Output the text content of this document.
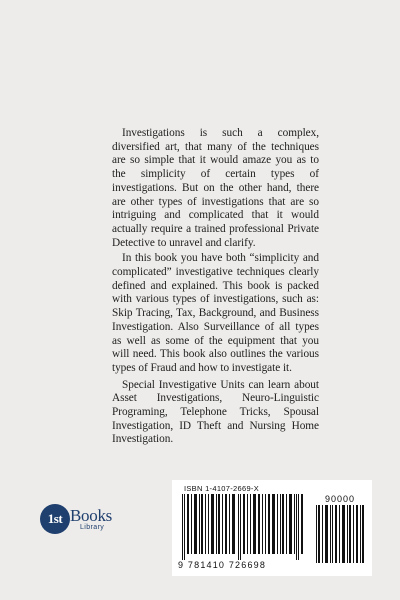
Investigations is such a complex, diversified art, that many of the techniques are so simple that it would amaze you as to the simplicity of certain types of investigations. But on the other hand, there are other types of investigations that are so intriguing and complicated that it would actually require a trained professional Private Detective to unravel and clarify.

In this book you have both “simplicity and complicated” investigative techniques clearly defined and explained. This book is packed with various types of investigations, such as: Skip Tracing, Tax, Background, and Business Investigation. Also Surveillance of all types as well as some of the equipment that you will need. This book also outlines the various types of Fraud and how to investigate it.

Special Investigative Units can learn about Asset Investigations, Neuro-Linguistic Programing, Telephone Tricks, Spousal Investigation, ID Theft and Nursing Home Investigation.

1st Books
Library
ISBN 1-4107-2669-X
9 781410 726698
90000
